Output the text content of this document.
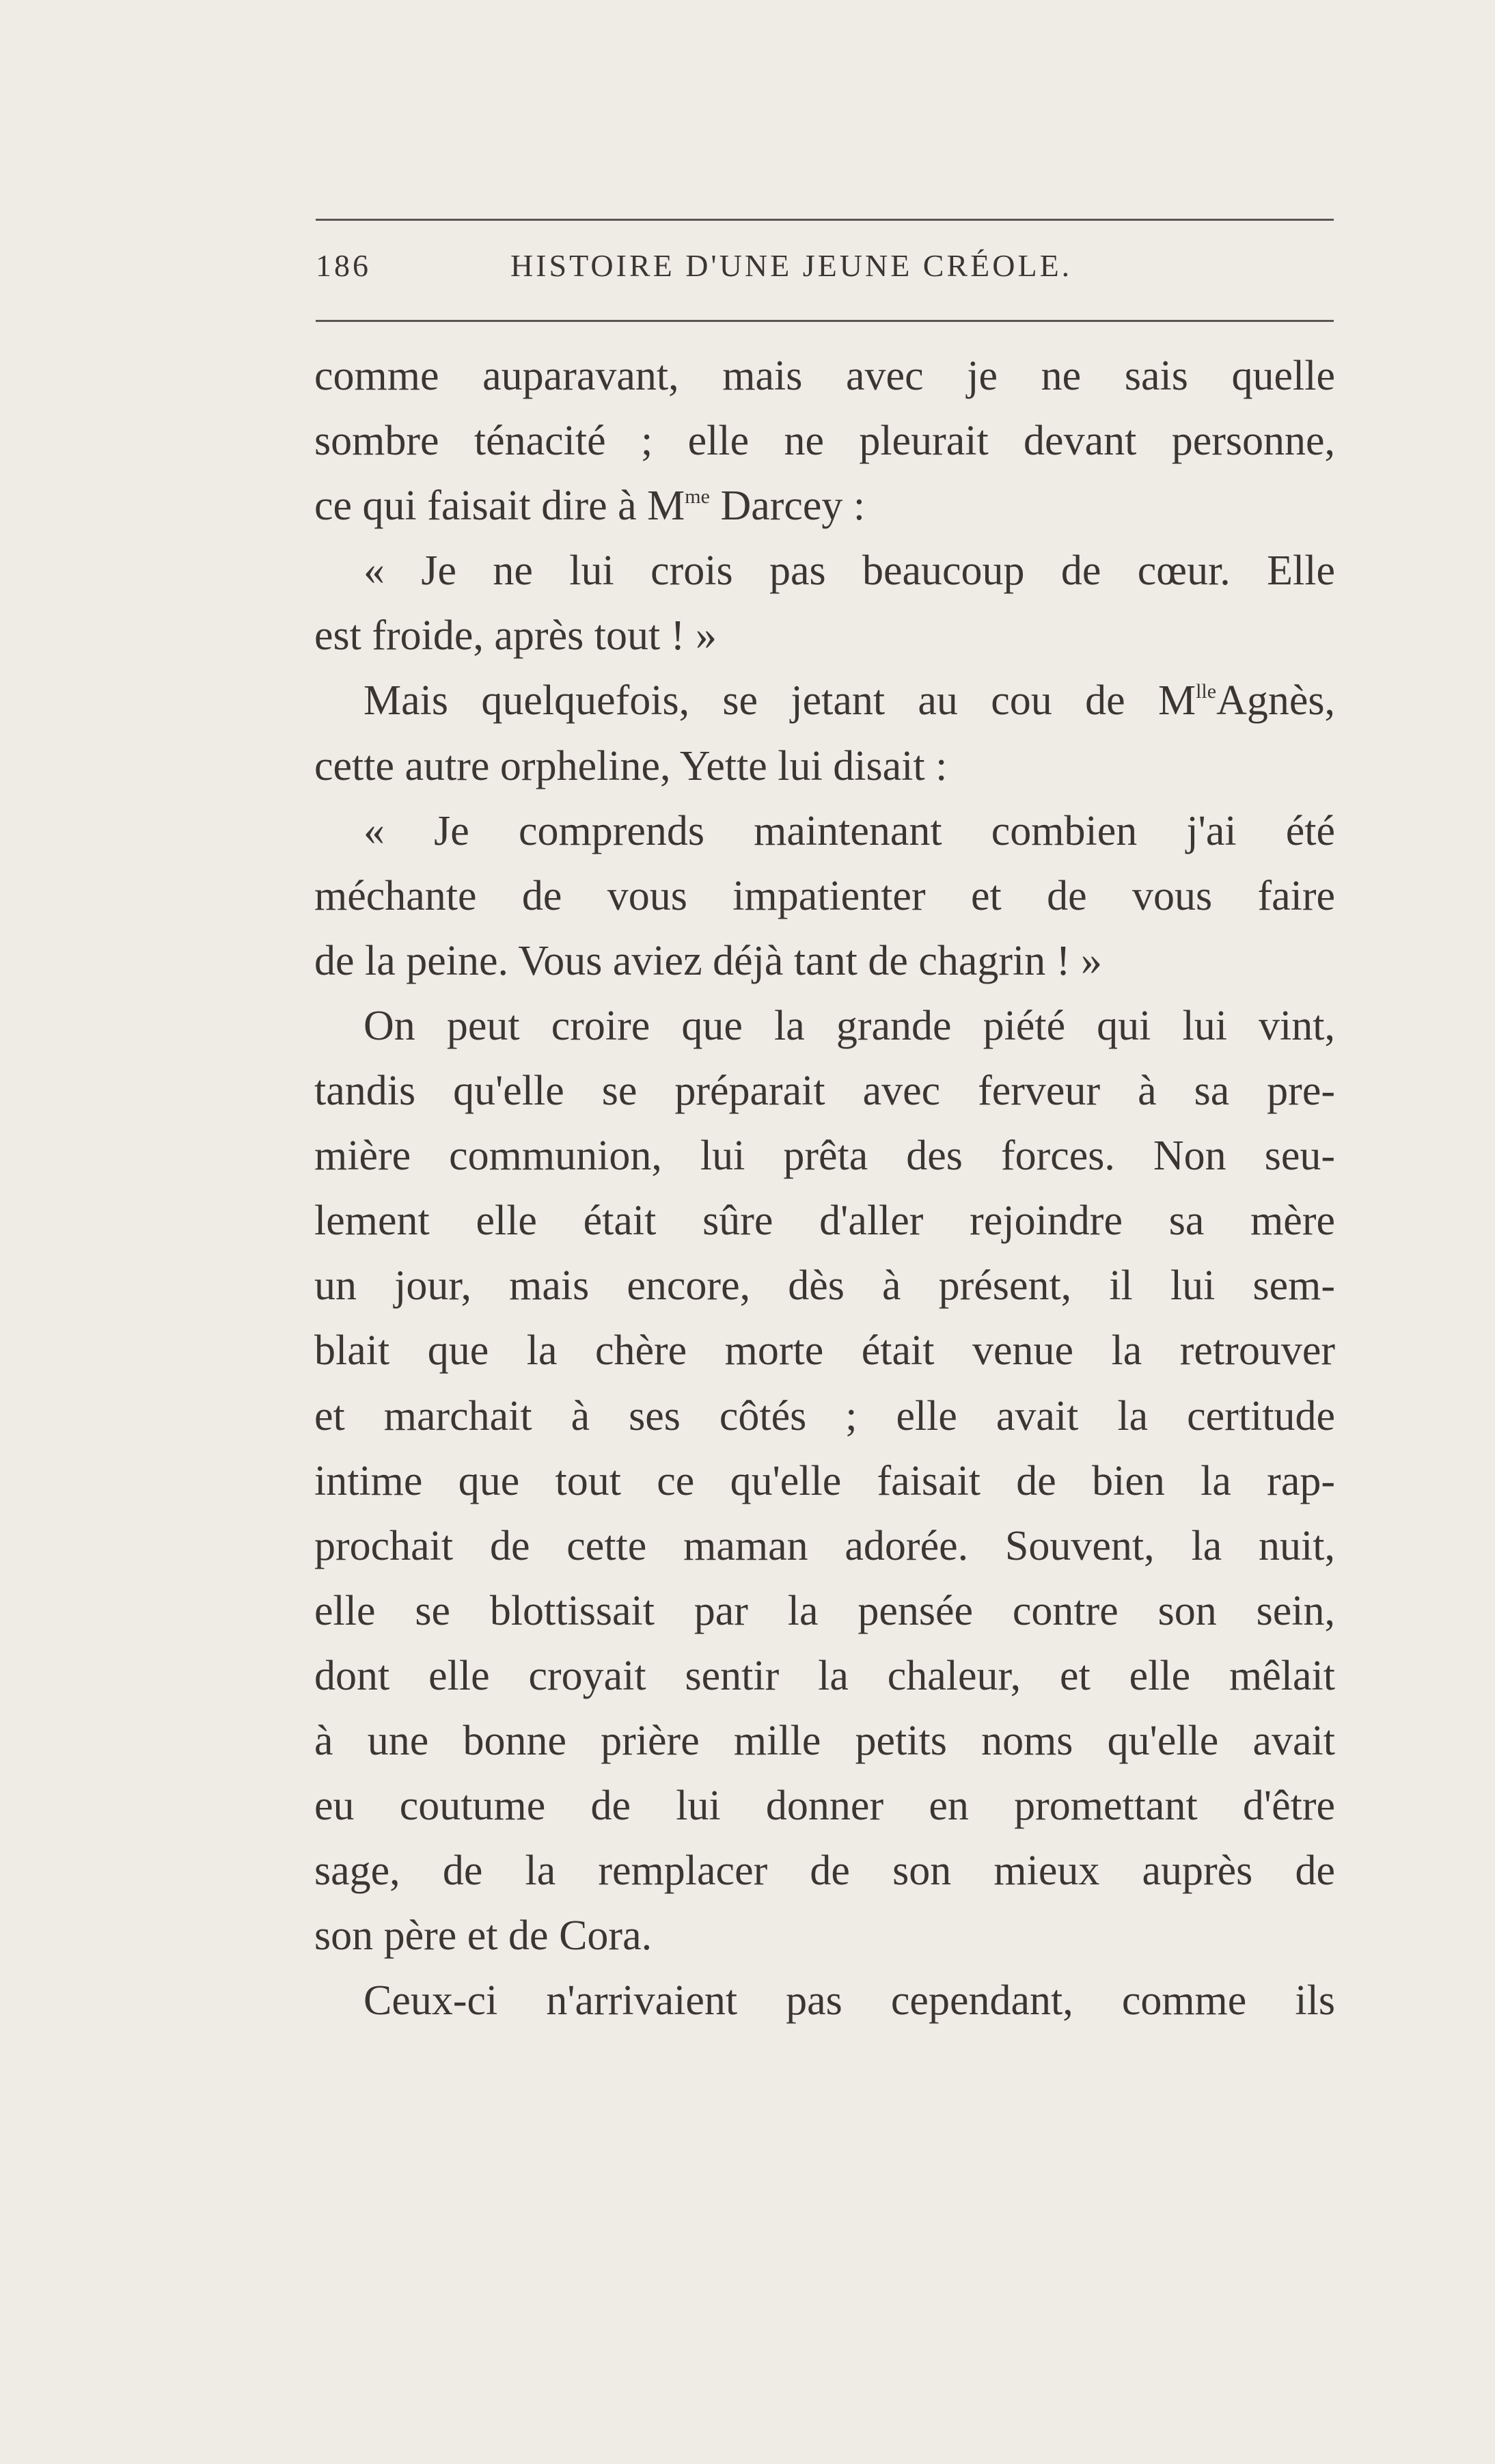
186	HISTOIRE D'UNE JEUNE CRÉOLE.
comme auparavant, mais avec je ne sais quelle
sombre ténacité ; elle ne pleurait devant personne,
ce qui faisait dire à $M^{me}$ Darcey :
« Je ne lui crois pas beaucoup de cœur. Elle
est froide, après tout ! »
Mais quelquefois, se jetant au cou de $M^{lle}Agnès$,
cette autre orpheline, Yette lui disait :
« Je comprends maintenant combien j'ai été
méchante de vous impatienter et de vous faire
de la peine. Vous aviez déjà tant de chagrin ! »
On peut croire que la grande piété qui lui vint,
tandis qu'elle se préparait avec ferveur à sa pre-
mière communion, lui prêta des forces. Non seu-
lement elle était sûre d'aller rejoindre sa mère
un jour, mais encore, dès à présent, il lui sem-
blait que la chère morte était venue la retrouver
et marchait à ses côtés ; elle avait la certitude
intime que tout ce qu'elle faisait de bien la rap-
prochait de cette maman adorée. Souvent, la nuit,
elle se blottissait par la pensée contre son sein,
dont elle croyait sentir la chaleur, et elle mêlait
à une bonne prière mille petits noms qu'elle avait
eu coutume de lui donner en promettant d'être
sage, de la remplacer de son mieux auprès de
son père et de Cora.
Ceux-ci n'arrivaient pas cependant, comme ils
